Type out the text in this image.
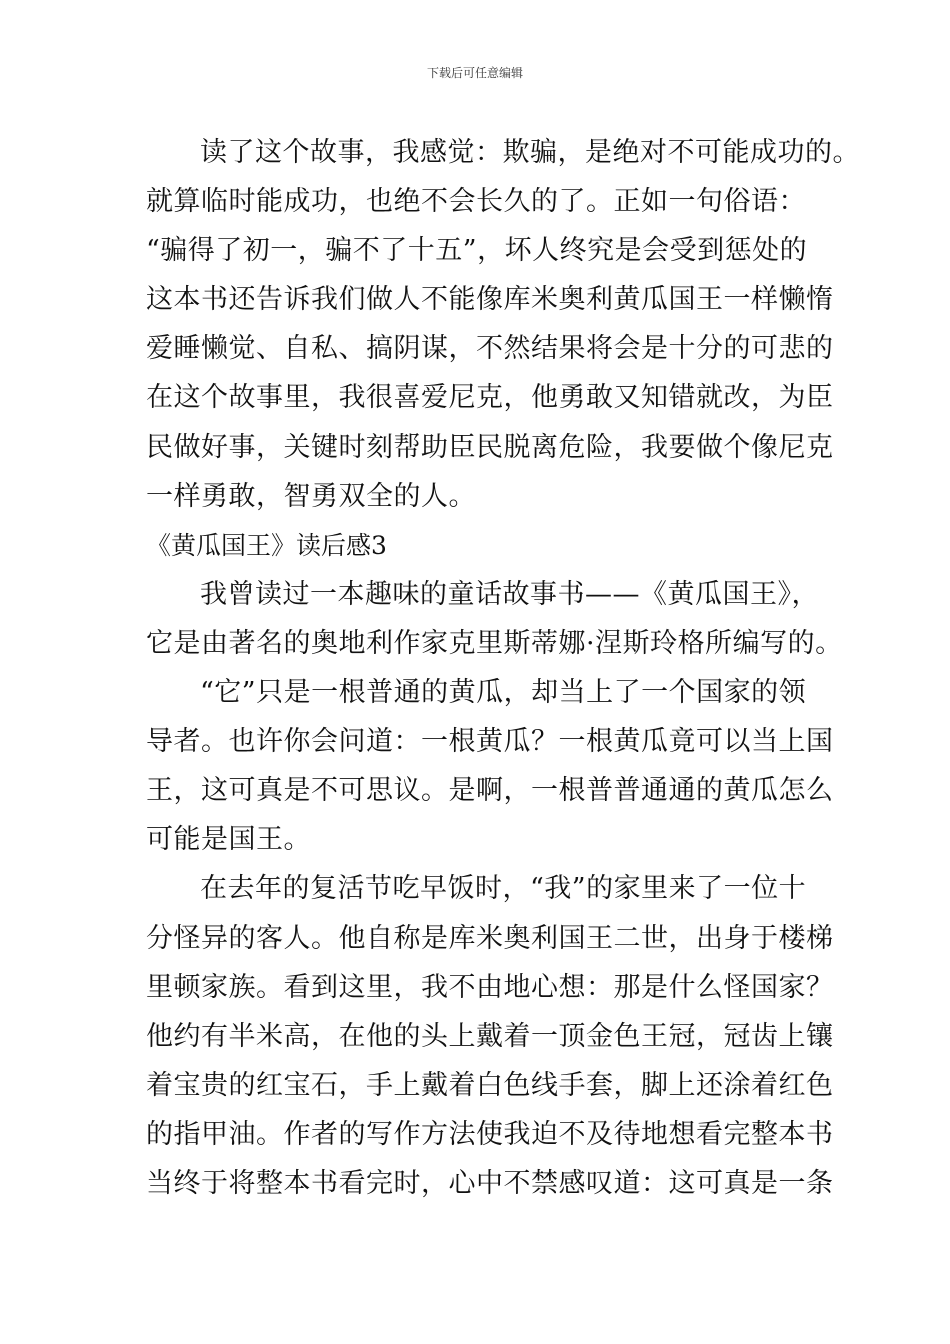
下载后可任意编辑
读了这个故事，我感觉：欺骗，是绝对不可能成功的。
就算临时能成功，也绝不会长久的了。正如一句俗语：
“骗得了初一，骗不了十五”，坏人终究是会受到惩处的
这本书还告诉我们做人不能像库米奥利黄瓜国王一样懒惰
爱睡懒觉、自私、搞阴谋，不然结果将会是十分的可悲的
在这个故事里，我很喜爱尼克，他勇敢又知错就改，为臣
民做好事，关键时刻帮助臣民脱离危险，我要做个像尼克
一样勇敢，智勇双全的人。
《黄瓜国王》读后感3
我曾读过一本趣味的童话故事书——《黄瓜国王》，
它是由著名的奥地利作家克里斯蒂娜·涅斯玲格所编写的。
“它”只是一根普通的黄瓜，却当上了一个国家的领
导者。也许你会问道：一根黄瓜？一根黄瓜竟可以当上国
王，这可真是不可思议。是啊，一根普普通通的黄瓜怎么
可能是国王。
在去年的复活节吃早饭时，“我”的家里来了一位十
分怪异的客人。他自称是库米奥利国王二世，出身于楼梯
里顿家族。看到这里，我不由地心想：那是什么怪国家？
他约有半米高，在他的头上戴着一顶金色王冠，冠齿上镶
着宝贵的红宝石，手上戴着白色线手套，脚上还涂着红色
的指甲油。作者的写作方法使我迫不及待地想看完整本书
当终于将整本书看完时，心中不禁感叹道：这可真是一条
